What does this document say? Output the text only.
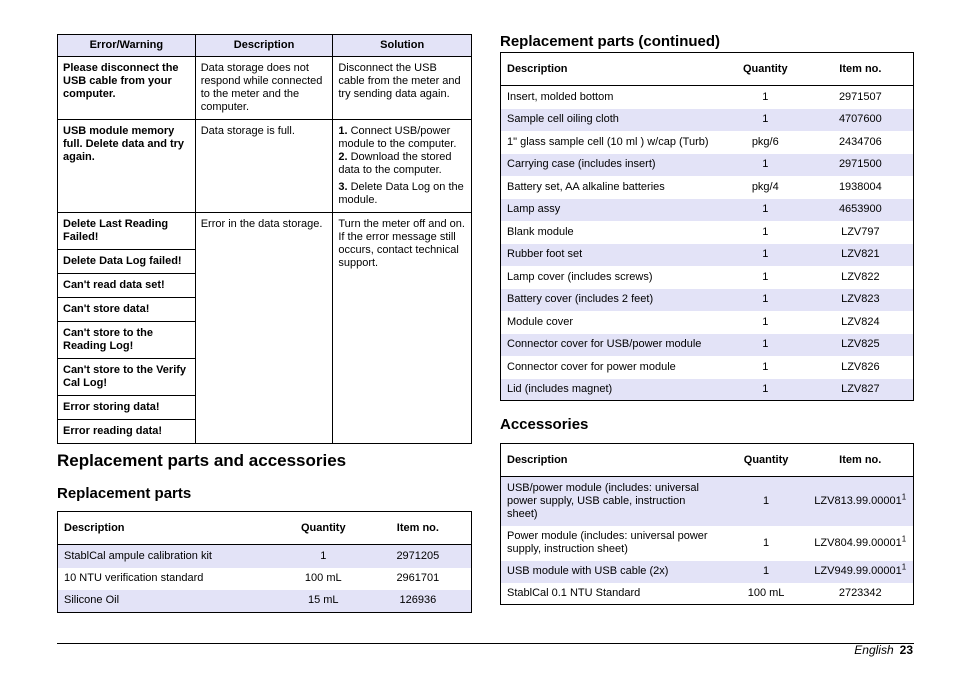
Error/Warning	Description	Solution
Please disconnect the USB cable from your computer.	Data storage does not respond while connected to the meter and the computer.	Disconnect the USB cable from the meter and try sending data again.
USB module memory full. Delete data and try again.	Data storage is full.	1. Connect USB/power module to the computer.
2. Download the stored data to the computer.
3. Delete Data Log on the module.

Delete Last Reading Failed!	Error in the data storage.	Turn the meter off and on. If the error message still occurs, contact technical support.
Delete Data Log failed!		
Can't read data set!		
Can't store data!		
Can't store to the Reading Log!		
Can't store to the Verify Cal Log!		
Error storing data!		
Error reading data!		
Replacement parts and accessories
Replacement parts
Description	Quantity	Item no.
StablCal ampule calibration kit	1	2971205
10 NTU verification standard	100 mL	2961701
Silicone Oil	15 mL	126936
Replacement parts (continued)
Description	Quantity	Item no.
Insert, molded bottom	1	2971507
Sample cell oiling cloth	1	4707600
1" glass sample cell (10 ml ) w/cap (Turb)	pkg/6	2434706
Carrying case (includes insert)	1	2971500
Battery set, AA alkaline batteries	pkg/4	1938004
Lamp assy	1	4653900
Blank module	1	LZV797
Rubber foot set	1	LZV821
Lamp cover (includes screws)	1	LZV822
Battery cover (includes 2 feet)	1	LZV823
Module cover	1	LZV824
Connector cover for USB/power module	1	LZV825
Connector cover for power module	1	LZV826
Lid (includes magnet)	1	LZV827
Accessories
Description	Quantity	Item no.
USB/power module (includes: universal power supply, USB cable, instruction sheet)	1	LZV813.99.00001$^1$
Power module (includes: universal power supply, instruction sheet)	1	LZV804.99.00001$^1$
USB module with USB cable (2x)	1	LZV949.99.00001$^1$
StablCal 0.1 NTU Standard	100 mL	2723342
English 23
